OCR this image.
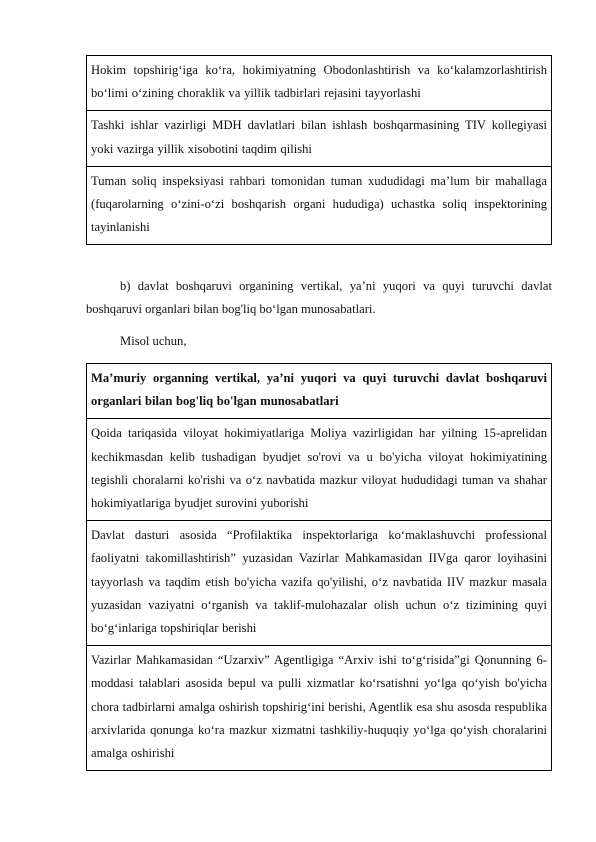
Hokim topshirig‘iga ko‘ra, hokimiyatning Obodonlashtirish va ko‘kalamzorlashtirish bo‘limi o‘zining choraklik va yillik tadbirlari rejasini tayyorlashi
Tashki ishlar vazirligi MDH davlatlari bilan ishlash boshqarmasining TIV kollegiyasi yoki vazirga yillik xisobotini taqdim qilishi
Tuman soliq inspeksiyasi rahbari tomonidan tuman xududidagi ma’lum bir mahallaga (fuqarolarning o‘zini-o‘zi boshqarish organi hududiga) uchastka soliq inspektorining tayinlanishi

b) davlat boshqaruvi organining vertikal, ya’ni yuqori va quyi turuvchi davlat boshqaruvi organlari bilan bog'liq bo‘lgan munosabatlari.

Misol uchun,

Ma’muriy organning vertikal, ya’ni yuqori va quyi turuvchi davlat boshqaruvi organlari bilan bog'liq bo'lgan munosabatlari
Qoida tariqasida viloyat hokimiyatlariga Moliya vazirligidan har yilning 15-aprelidan kechikmasdan kelib tushadigan byudjet so'rovi va u bo'yicha viloyat hokimiyatining tegishli choralarni ko'rishi va o‘z navbatida mazkur viloyat hududidagi tuman va shahar hokimiyatlariga byudjet surovini yuborishi
Davlat dasturi asosida “Profilaktika inspektorlariga ko‘maklashuvchi professional faoliyatni takomillashtirish” yuzasidan Vazirlar Mahkamasidan IIVga qaror loyihasini tayyorlash va taqdim etish bo'yicha vazifa qo'yilishi, o‘z navbatida IIV mazkur masala yuzasidan vaziyatni o‘rganish va taklif-mulohazalar olish uchun o‘z tizimining quyi bo‘g‘inlariga topshiriqlar berishi
Vazirlar Mahkamasidan “Uzarxiv” Agentligiga “Arxiv ishi to‘g‘risida”gi Qonunning 6-moddasi talablari asosida bepul va pulli xizmatlar ko‘rsatishni yo‘lga qo‘yish bo'yicha chora tadbirlarni amalga oshirish topshirig‘ini berishi, Agentlik esa shu asosda respublika arxivlarida qonunga ko‘ra mazkur xizmatni tashkiliy-huquqiy yo‘lga qo‘yish choralarini amalga oshirishi
